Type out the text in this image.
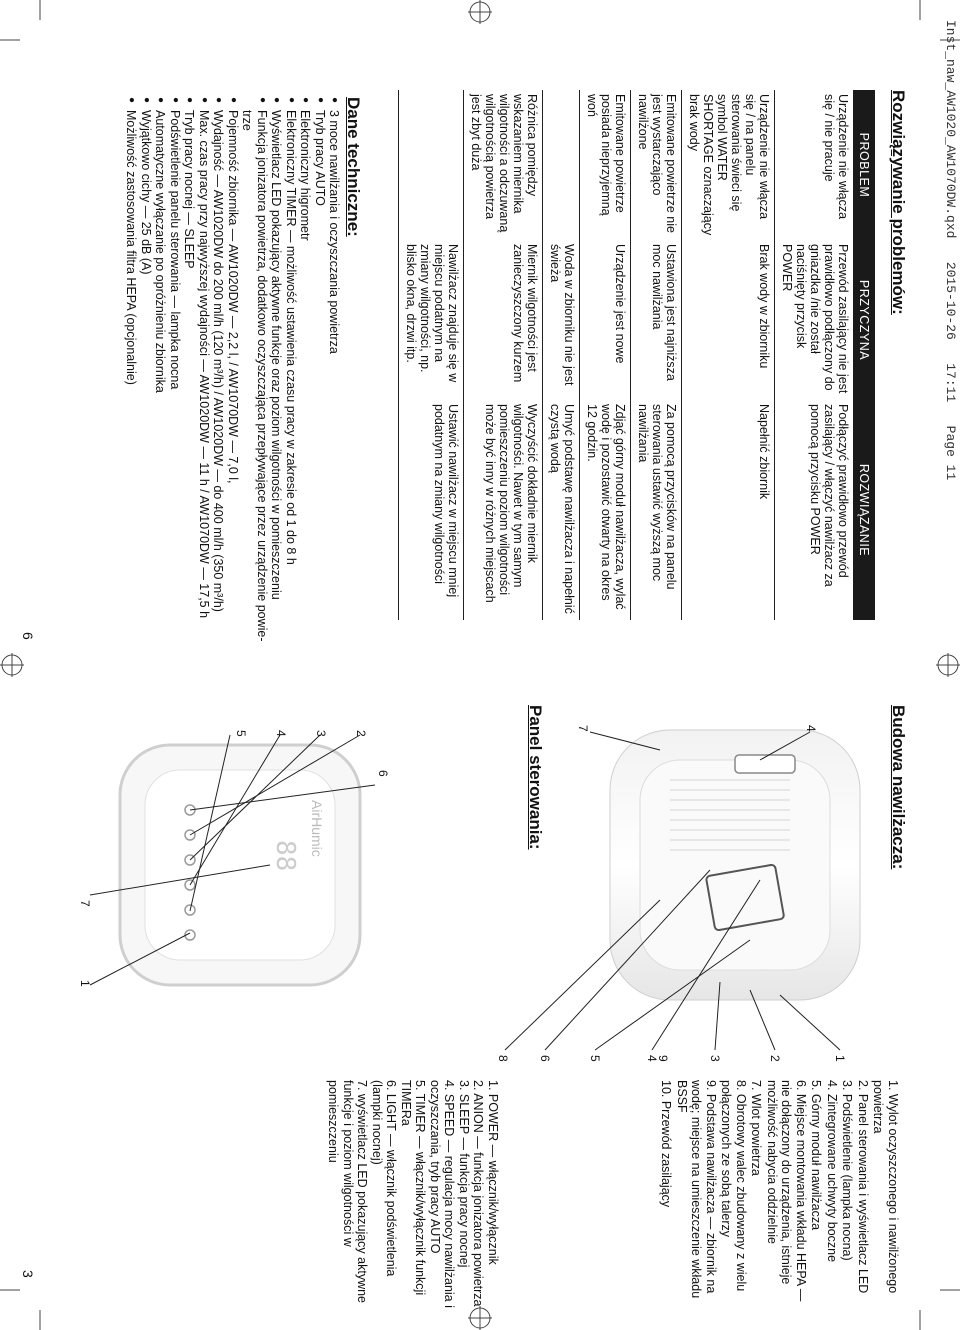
Inst_naw_AW1020_AW1070DW.qxd   2015-10-26   17:11   Page 11
Rozwiązywanie problemów:
PROBLEM	PRZYCZYNA	ROZWIĄZANIE
Urządzenie nie włącza się / nie pracuje	Przewód zasilający nie jest prawidłowo podłączony do gniazdka /nie został naciśnięty przycisk POWER	Podłączyć prawidłowo przewód zasilający / włączyć nawilżacz za pomocą przycisku POWER
Urządzenie nie włącza się / na panelu sterowania świeci się symbol WATER SHORTAGE oznaczający brak wody	Brak wody w zbiorniku	Napełnić zbiornik
Emitowane powietrze nie jest wystarczająco nawilżone	Ustawiona jest najniższa moc nawilżania	Za pomocą przycisków na panelu sterowania ustawić wyższą moc nawilżania
Emitowane powietrze posiada nieprzyjemną woń	Urządzenie jest nowe	Zdjąć górny moduł nawilżacza, wylać wodę i pozostawić otwarty na okres 12 godzin.
	Woda w zbiorniku nie jest świeża	Umyć podstawę nawilżacza i napełnić czystą wodą
Różnica pomiędzy wskazaniem miernika wilgotności a odczuwaną wilgotnością powietrza jest zbyt duża	Miernik wilgotności jest zanieczyszczony kurzem	Wyczyścić dokładnie miernik wilgotności. Nawet w tym samym pomieszczeniu poziom wilgotności może być inny w różnych miejscach
	Nawilżacz znajduje się w miejscu podatnym na zmiany wilgotności, np. blisko okna, drzwi itp.	Ustawić nawilżacz w miejscu mniej podatnym na zmiany wilgotności
Dane techniczne:
● 3 moce nawilżania i oczyszczania powietrza
● Tryb pracy AUTO
● Elektroniczny higrometr
● Elektroniczny TIMER — możliwość ustawienia czasu pracy w zakresie od 1 do 8 h
● Wyświetlacz LED pokazujący aktywne funkcje oraz poziom wilgotności w pomieszczeniu
● Funkcja jonizatora powietrza, dodatkowo oczyszczająca przepływające przez urządzenie powie-trze
● Pojemność zbiornika — AW1020DW — 2,2 l, / AW1070DW — 7,0 l,
● Wydajność — AW1020DW do 200 ml/h (120 m³/h) / AW1020DW — do 400 ml/h (350 m³/h)
● Max. czas pracy przy najwyższej wydajności — AW1020DW — 11 h / AW1070DW — 17,5 h
● Tryb pracy nocnej — SLEEP
● Podświetlenie panelu sterowania — lampka nocna
● Automatyczne wyłączanie po opróżnieniu zbiornika
● Wyjątkowo cichy — 25 dB (A)
● Możliwość zastosowania filtra HEPA (opcjonalnie)
6
Budowa nawilżacza:
1
2
3
4
4
5
6
7
8	9
1. Wylot oczyszczonego i nawilżonego powietrza
2. Panel sterowania i wyświetlacz LED
3. Podświetlenie (lampka nocna)
4. Zintegrowane uchwyty boczne
5. Górny moduł nawilżacza
6. Miejsce montowania wkładu HEPA — nie dołączony do urządzenia, istnieje możliwość nabycia oddzielnie
7. Wlot powietrza
8. Obrotowy walec zbudowany z wielu połączonych ze sobą talerzy
9. Podstawa nawilżacza — zbiornik na wodę; miejsce na umieszczenie wkładu BSSF
10. Przewód zasilający
Panel sterowania:
AirHumic
88
1
2
3
4
5
6
7
1. POWER — włącznik/wyłącznik
2. ANION — funkcja jonizatora powietrza
3. SLEEP — funkcja pracy nocnej
4. SPEED — regulacja mocy nawilżania i oczyszczania, tryb pracy AUTO
5. TIMER — włącznik/wyłącznik funkcji TIMERa
6. LIGHT — włącznik podświetlenia (lampki nocnej)
7. wyświetlacz LED pokazujący aktywne funkcje i poziom wilgotności w pomieszczeniu
3
